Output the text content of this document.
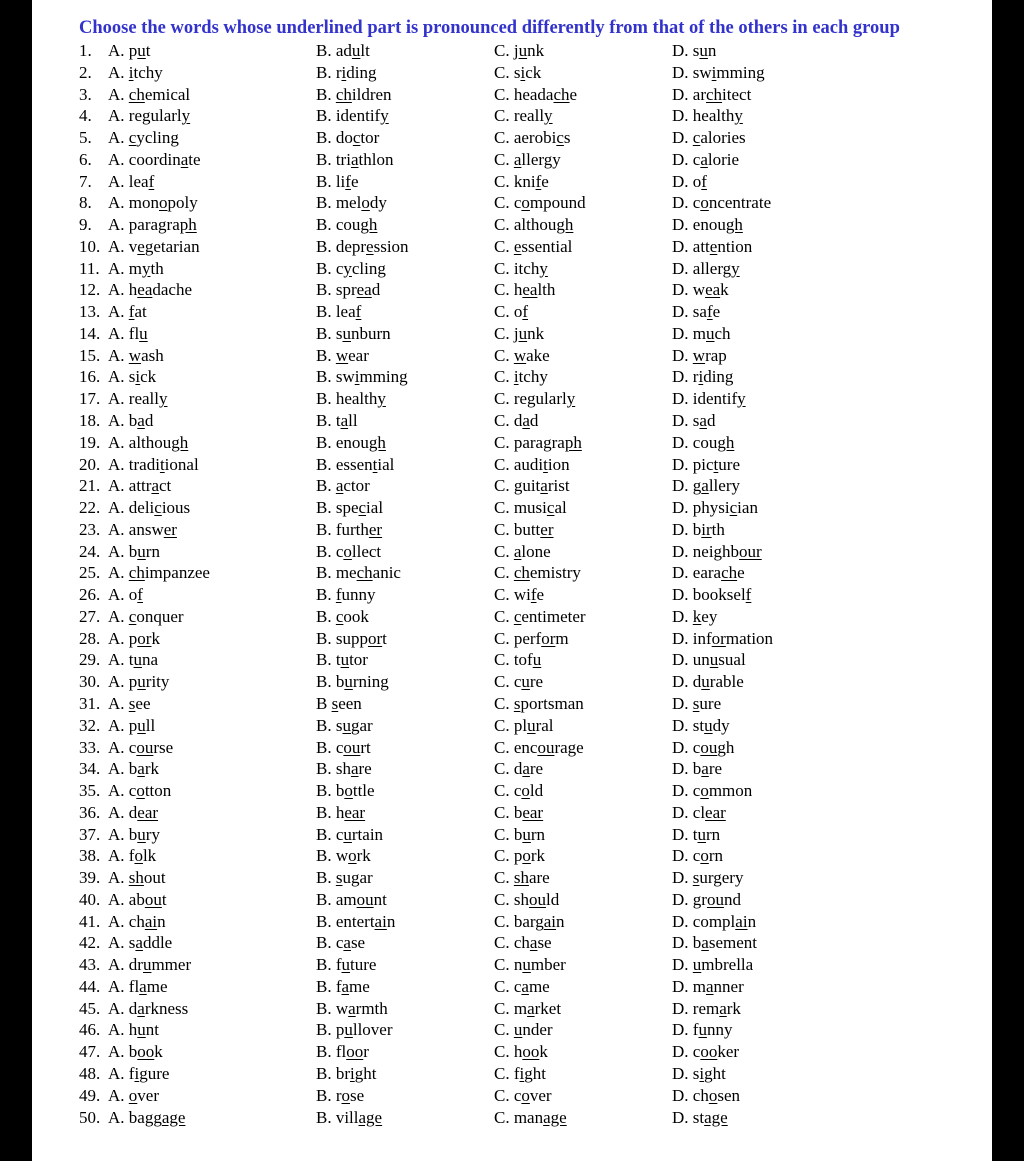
Choose the words whose underlined part is pronounced differently from that of the others in each group
1. A. put	B. adult	C. junk	D. sun
2. A. itchy	B. riding	C. sick	D. swimming
3. A. chemical	B. children	C. headache	D. architect
4. A. regularly	B. identify	C. really	D. healthy
5. A. cycling	B. doctor	C. aerobics	D. calories
6. A. coordinate	B. triathlon	C. allergy	D. calorie
7. A. leaf	B. life	C. knife	D. of
8. A. monopoly	B. melody	C. compound	D. concentrate
9. A. paragraph	B. cough	C. although	D. enough
10. A. vegetarian	B. depression	C. essential	D. attention
11. A. myth	B. cycling	C. itchy	D. allergy
12. A. headache	B. spread	C. health	D. weak
13. A. fat	B. leaf	C. of	D. safe
14. A. flu	B. sunburn	C. junk	D. much
15. A. wash	B. wear	C. wake	D. wrap
16. A. sick	B. swimming	C. itchy	D. riding
17. A. really	B. healthy	C. regularly	D. identify
18. A. bad	B. tall	C. dad	D. sad
19. A. although	B. enough	C. paragraph	D. cough
20. A. traditional	B. essential	C. audition	D. picture
21. A. attract	B. actor	C. guitarist	D. gallery
22. A. delicious	B. special	C. musical	D. physician
23. A. answer	B. further	C. butter	D. birth
24. A. burn	B. collect	C. alone	D. neighbour
25. A. chimpanzee	B. mechanic	C. chemistry	D. earache
26. A. of	B. funny	C. wife	D. bookself
27. A. conquer	B. cook	C. centimeter	D. key
28. A. pork	B. support	C. perform	D. information
29. A. tuna	B. tutor	C. tofu	D. unusual
30. A. purity	B. burning	C. cure	D. durable
31. A. see	B seen	C. sportsman	D. sure
32. A. pull	B. sugar	C. plural	D. study
33. A. course	B. court	C. encourage	D. cough
34. A. bark	B. share	C. dare	D. bare
35. A. cotton	B. bottle	C. cold	D. common
36. A. dear	B. hear	C. bear	D. clear
37. A. bury	B. curtain	C. burn	D. turn
38. A. folk	B. work	C. pork	D. corn
39. A. shout	B. sugar	C. share	D. surgery
40. A. about	B. amount	C. should	D. ground
41. A. chain	B. entertain	C. bargain	D. complain
42. A. saddle	B. case	C. chase	D. basement
43. A. drummer	B. future	C. number	D. umbrella
44. A. flame	B. fame	C. came	D. manner
45. A. darkness	B. warmth	C. market	D. remark
46. A. hunt	B. pullover	C. under	D. funny
47. A. book	B. floor	C. hook	D. cooker
48. A. figure	B. bright	C. fight	D. sight
49. A. over	B. rose	C. cover	D. chosen
50. A. baggage	B. village	C. manage	D. stage
